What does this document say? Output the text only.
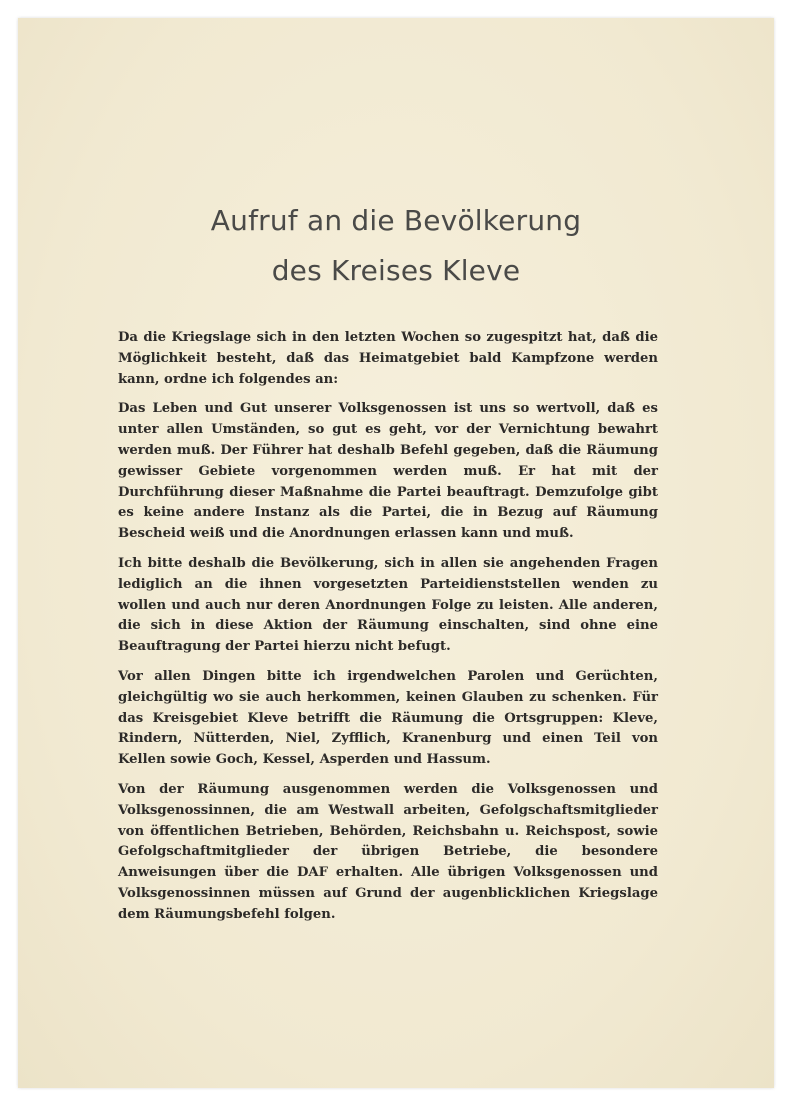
Aufruf an die Bevölkerung
des Kreises Kleve

Da die Kriegslage sich in den letzten Wochen so zugespitzt hat, daß die Möglichkeit besteht, daß das Heimatgebiet bald Kampfzone werden kann, ordne ich folgendes an:

Das Leben und Gut unserer Volksgenossen ist uns so wertvoll, daß es unter allen Umständen, so gut es geht, vor der Vernichtung bewahrt werden muß. Der Führer hat deshalb Befehl gegeben, daß die Räumung gewisser Gebiete vorgenommen werden muß. Er hat mit der Durchführung dieser Maßnahme die Partei beauftragt. Demzufolge gibt es keine andere Instanz als die Partei, die in Bezug auf Räumung Bescheid weiß und die Anordnungen erlassen kann und muß.

Ich bitte deshalb die Bevölkerung, sich in allen sie angehenden Fragen lediglich an die ihnen vorgesetzten Parteidienststellen wenden zu wollen und auch nur deren Anordnungen Folge zu leisten. Alle anderen, die sich in diese Aktion der Räumung einschalten, sind ohne eine Beauftragung der Partei hierzu nicht befugt.

Vor allen Dingen bitte ich irgendwelchen Parolen und Gerüchten, gleichgültig wo sie auch herkommen, keinen Glauben zu schenken. Für das Kreisgebiet Kleve betrifft die Räumung die Ortsgruppen: Kleve, Rindern, Nütterden, Niel, Zyfflich, Kranenburg und einen Teil von Kellen sowie Goch, Kessel, Asperden und Hassum.

Von der Räumung ausgenommen werden die Volksgenossen und Volksgenossinnen, die am Westwall arbeiten, Gefolgschaftsmitglieder von öffentlichen Betrieben, Behörden, Reichsbahn u. Reichspost, sowie Gefolgschaftmitglieder der übrigen Betriebe, die besondere Anweisungen über die DAF erhalten. Alle übrigen Volksgenossen und Volksgenossinnen müssen auf Grund der augenblicklichen Kriegslage dem Räumungsbefehl folgen.
